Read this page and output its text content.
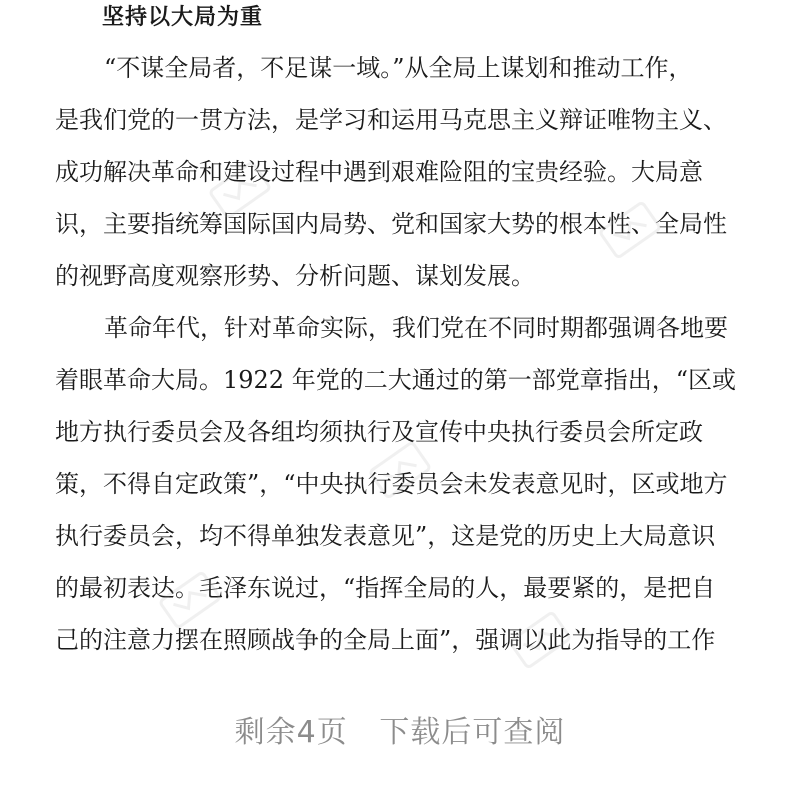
坚持以大局为重
“不谋全局者，不足谋一域。”从全局上谋划和推动工作，
是我们党的一贯方法，是学习和运用马克思主义辩证唯物主义、
成功解决革命和建设过程中遇到艰难险阻的宝贵经验。大局意
识，主要指统筹国际国内局势、党和国家大势的根本性、全局性
的视野高度观察形势、分析问题、谋划发展。
革命年代，针对革命实际，我们党在不同时期都强调各地要
着眼革命大局。1922 年党的二大通过的第一部党章指出，“区或
地方执行委员会及各组均须执行及宣传中央执行委员会所定政
策，不得自定政策”，“中央执行委员会未发表意见时，区或地方
执行委员会，均不得单独发表意见”，这是党的历史上大局意识
的最初表达。毛泽东说过，“指挥全局的人，最要紧的，是把自
己的注意力摆在照顾战争的全局上面”，强调以此为指导的工作
剩余4页   下载后可查阅
